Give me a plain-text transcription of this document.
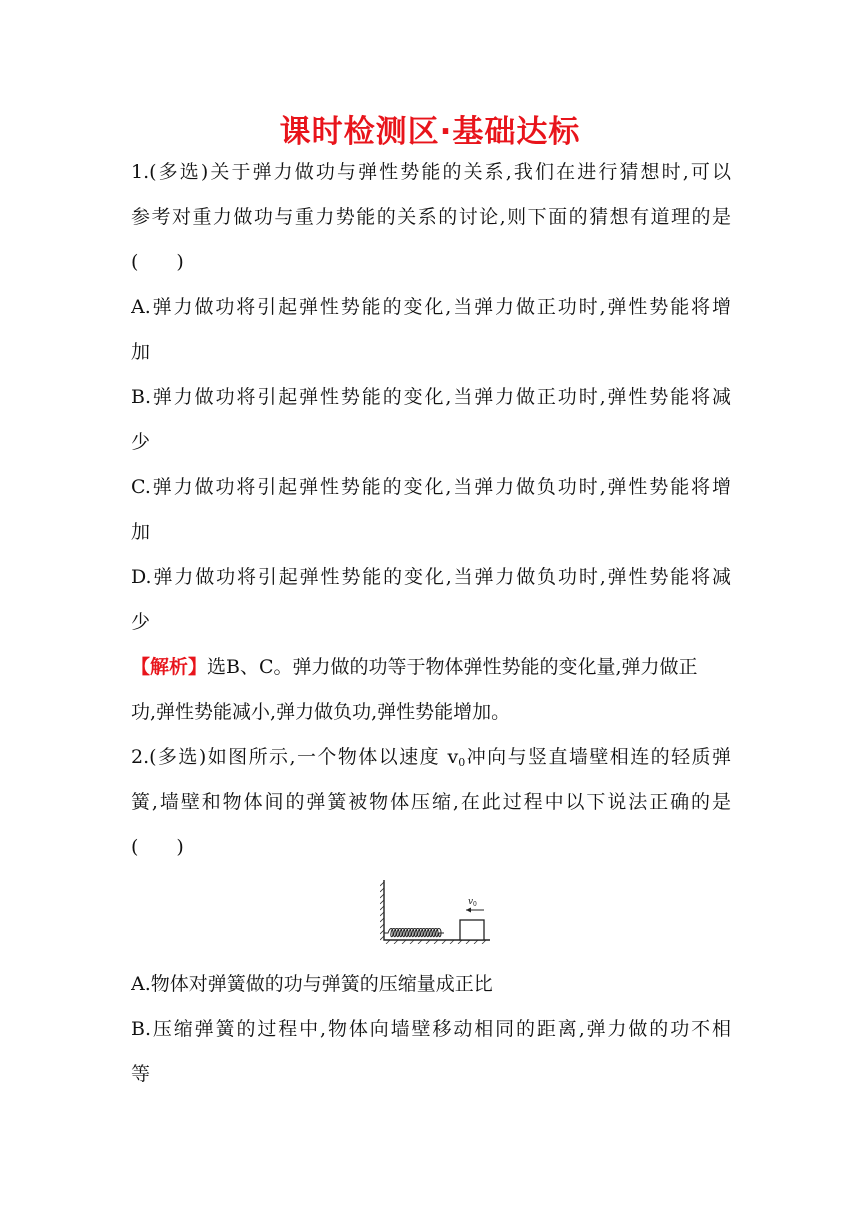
课时检测区·基础达标
1.(多选)关于弹力做功与弹性势能的关系,我们在进行猜想时,可以
参考对重力做功与重力势能的关系的讨论,则下面的猜想有道理的是
(　　)
A.弹力做功将引起弹性势能的变化,当弹力做正功时,弹性势能将增
加
B.弹力做功将引起弹性势能的变化,当弹力做正功时,弹性势能将减
少
C.弹力做功将引起弹性势能的变化,当弹力做负功时,弹性势能将增
加
D.弹力做功将引起弹性势能的变化,当弹力做负功时,弹性势能将减
少
【解析】选B、C。弹力做的功等于物体弹性势能的变化量,弹力做正
功,弹性势能减小,弹力做负功,弹性势能增加。
2.(多选)如图所示,一个物体以速度 $v_0$冲向与竖直墙壁相连的轻质弹
簧,墙壁和物体间的弹簧被物体压缩,在此过程中以下说法正确的是
(　　)
v 0
A.物体对弹簧做的功与弹簧的压缩量成正比
B.压缩弹簧的过程中,物体向墙壁移动相同的距离,弹力做的功不相
等
